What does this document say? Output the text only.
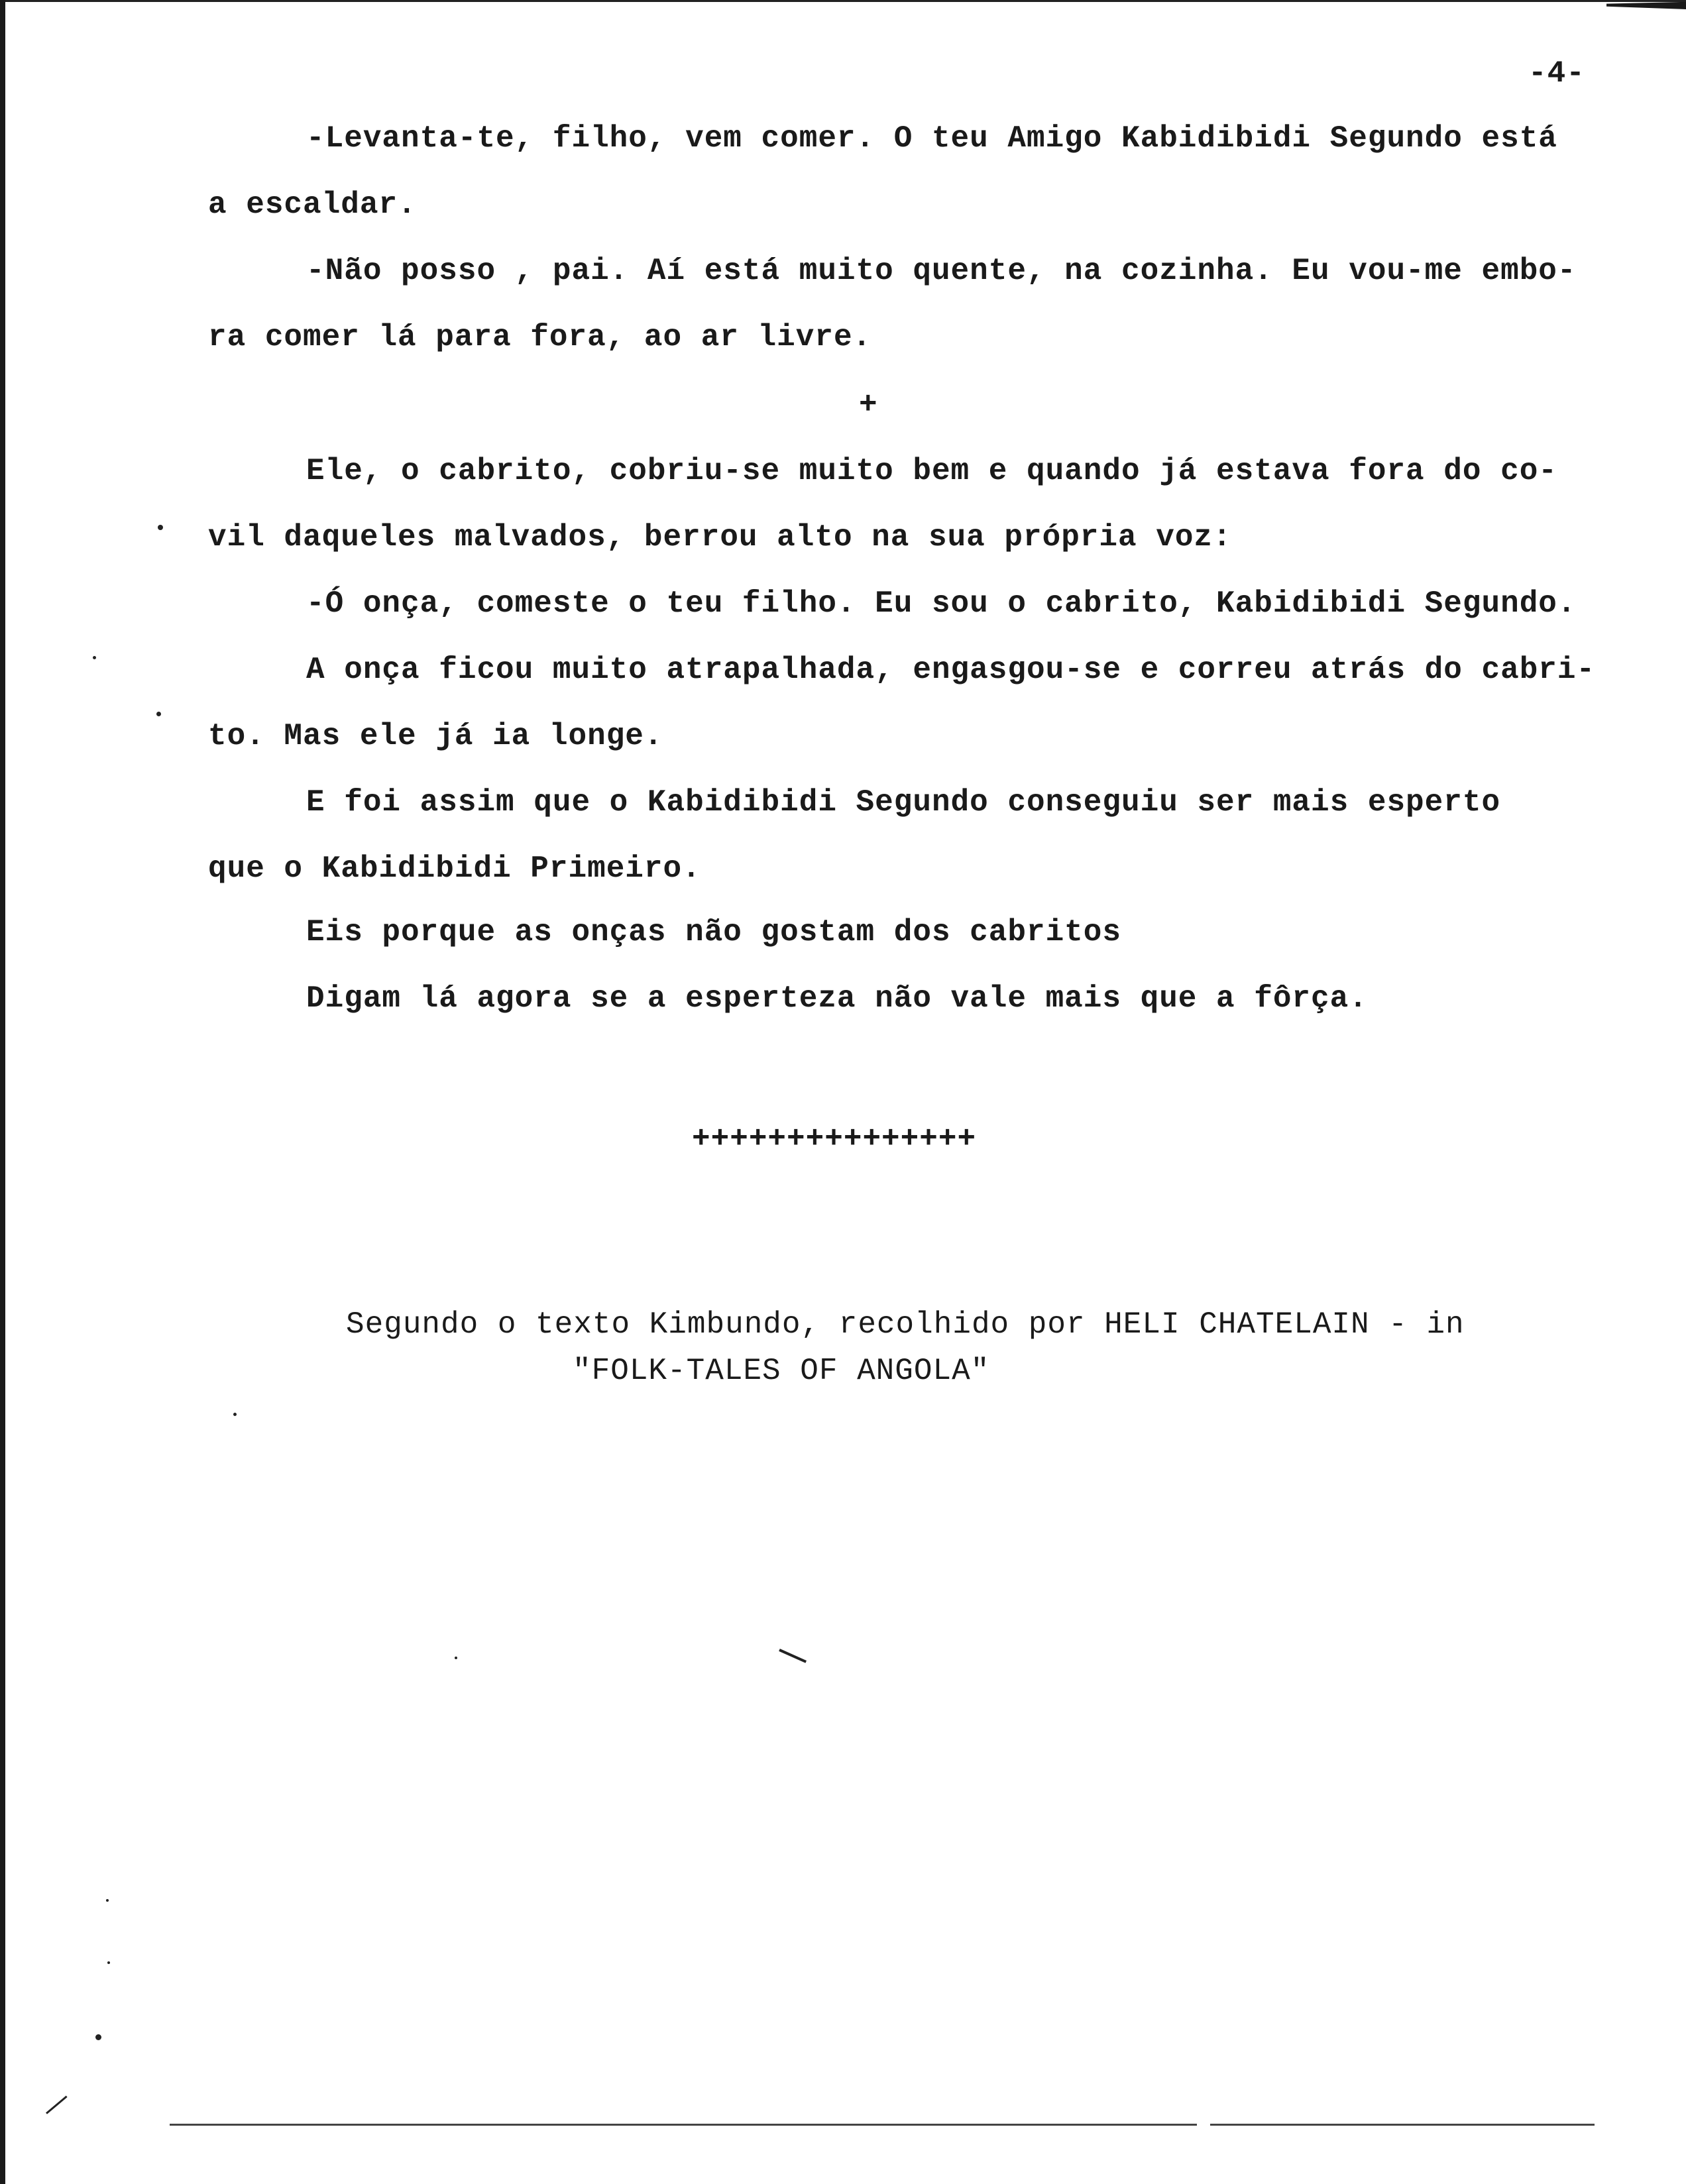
-4-
-Levanta-te, filho, vem comer. O teu Amigo Kabidibidi Segundo está
a escaldar.
-Não posso , pai. Aí está muito quente, na cozinha. Eu vou-me embo-
ra comer lá para fora, ao ar livre.
+
Ele, o cabrito, cobriu-se muito bem e quando já estava fora do co-
vil daqueles malvados, berrou alto na sua própria voz:
-Ó onça, comeste o teu filho. Eu sou o cabrito, Kabidibidi Segundo.
A onça ficou muito atrapalhada, engasgou-se e correu atrás do cabri-
to. Mas ele já ia longe.
E foi assim que o Kabidibidi Segundo conseguiu ser mais esperto
que o Kabidibidi Primeiro.
Eis porque as onças não gostam dos cabritos
Digam lá agora se a esperteza não vale mais que a fôrça.
+++++++++++++++
Segundo o texto Kimbundo, recolhido por HELI CHATELAIN - in
"FOLK-TALES OF ANGOLA"
